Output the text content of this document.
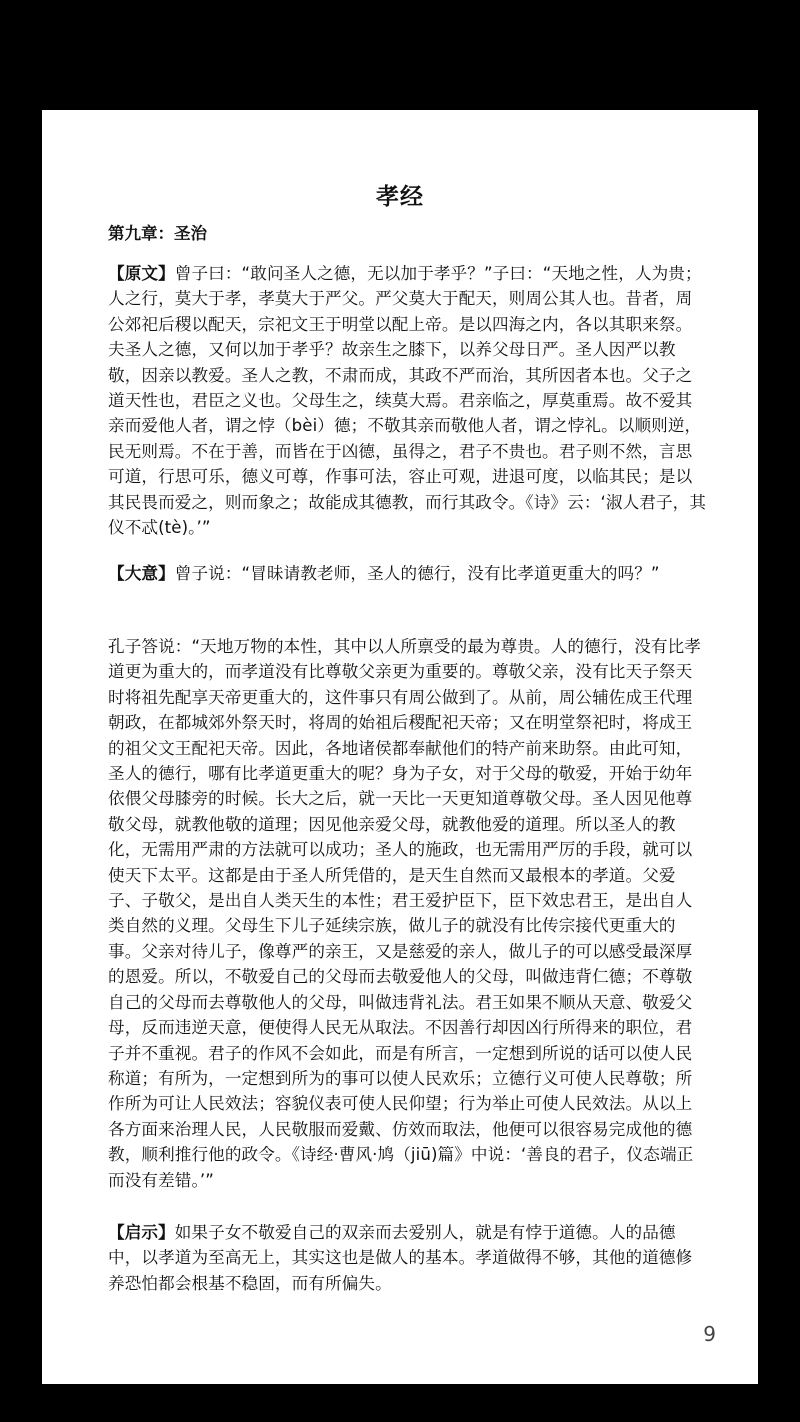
孝经
第九章：圣治
【原文】曾子曰：“敢问圣人之德，无以加于孝乎？”子曰：“天地之性，人为贵；人之行，莫大于孝，孝莫大于严父。严父莫大于配天，则周公其人也。昔者，周公郊祀后稷以配天，宗祀文王于明堂以配上帝。是以四海之内，各以其职来祭。夫圣人之德，又何以加于孝乎？故亲生之膝下，以养父母日严。圣人因严以教敬，因亲以教爱。圣人之教，不肃而成，其政不严而治，其所因者本也。父子之道天性也，君臣之义也。父母生之，续莫大焉。君亲临之，厚莫重焉。故不爱其亲而爱他人者，谓之悖（bèi）德；不敬其亲而敬他人者，谓之悖礼。以顺则逆，民无则焉。不在于善，而皆在于凶德，虽得之，君子不贵也。君子则不然，言思可道，行思可乐，德义可尊，作事可法，容止可观，进退可度，以临其民；是以其民畏而爱之，则而象之；故能成其德教，而行其政令。《诗》云：‘淑人君子，其仪不忒(tè)。’”
【大意】曾子说：“冒昧请教老师，圣人的德行，没有比孝道更重大的吗？”
孔子答说：“天地万物的本性，其中以人所禀受的最为尊贵。人的德行，没有比孝道更为重大的，而孝道没有比尊敬父亲更为重要的。尊敬父亲，没有比天子祭天时将祖先配享天帝更重大的，这件事只有周公做到了。从前，周公辅佐成王代理朝政，在都城郊外祭天时，将周的始祖后稷配祀天帝；又在明堂祭祀时，将成王的祖父文王配祀天帝。因此，各地诸侯都奉献他们的特产前来助祭。由此可知，圣人的德行，哪有比孝道更重大的呢？身为子女，对于父母的敬爱，开始于幼年依偎父母膝旁的时候。长大之后，就一天比一天更知道尊敬父母。圣人因见他尊敬父母，就教他敬的道理；因见他亲爱父母，就教他爱的道理。所以圣人的教化，无需用严肃的方法就可以成功；圣人的施政，也无需用严厉的手段，就可以使天下太平。这都是由于圣人所凭借的，是天生自然而又最根本的孝道。父爱子、子敬父，是出自人类天生的本性；君王爱护臣下，臣下效忠君王，是出自人类自然的义理。父母生下儿子延续宗族，做儿子的就没有比传宗接代更重大的事。父亲对待儿子，像尊严的亲王，又是慈爱的亲人，做儿子的可以感受最深厚的恩爱。所以，不敬爱自己的父母而去敬爱他人的父母，叫做违背仁德；不尊敬自己的父母而去尊敬他人的父母，叫做违背礼法。君王如果不顺从天意、敬爱父母，反而违逆天意，便使得人民无从取法。不因善行却因凶行所得来的职位，君子并不重视。君子的作风不会如此，而是有所言，一定想到所说的话可以使人民称道；有所为，一定想到所为的事可以使人民欢乐；立德行义可使人民尊敬；所作所为可让人民效法；容貌仪表可使人民仰望；行为举止可使人民效法。从以上各方面来治理人民，人民敬服而爱戴、仿效而取法，他便可以很容易完成他的德教，顺利推行他的政令。《诗经·曹风·鸠（jiū)篇》中说：‘善良的君子，仪态端正而没有差错。’”
【启示】如果子女不敬爱自己的双亲而去爱别人，就是有悖于道德。人的品德中，以孝道为至高无上，其实这也是做人的基本。孝道做得不够，其他的道德修养恐怕都会根基不稳固，而有所偏失。
9
